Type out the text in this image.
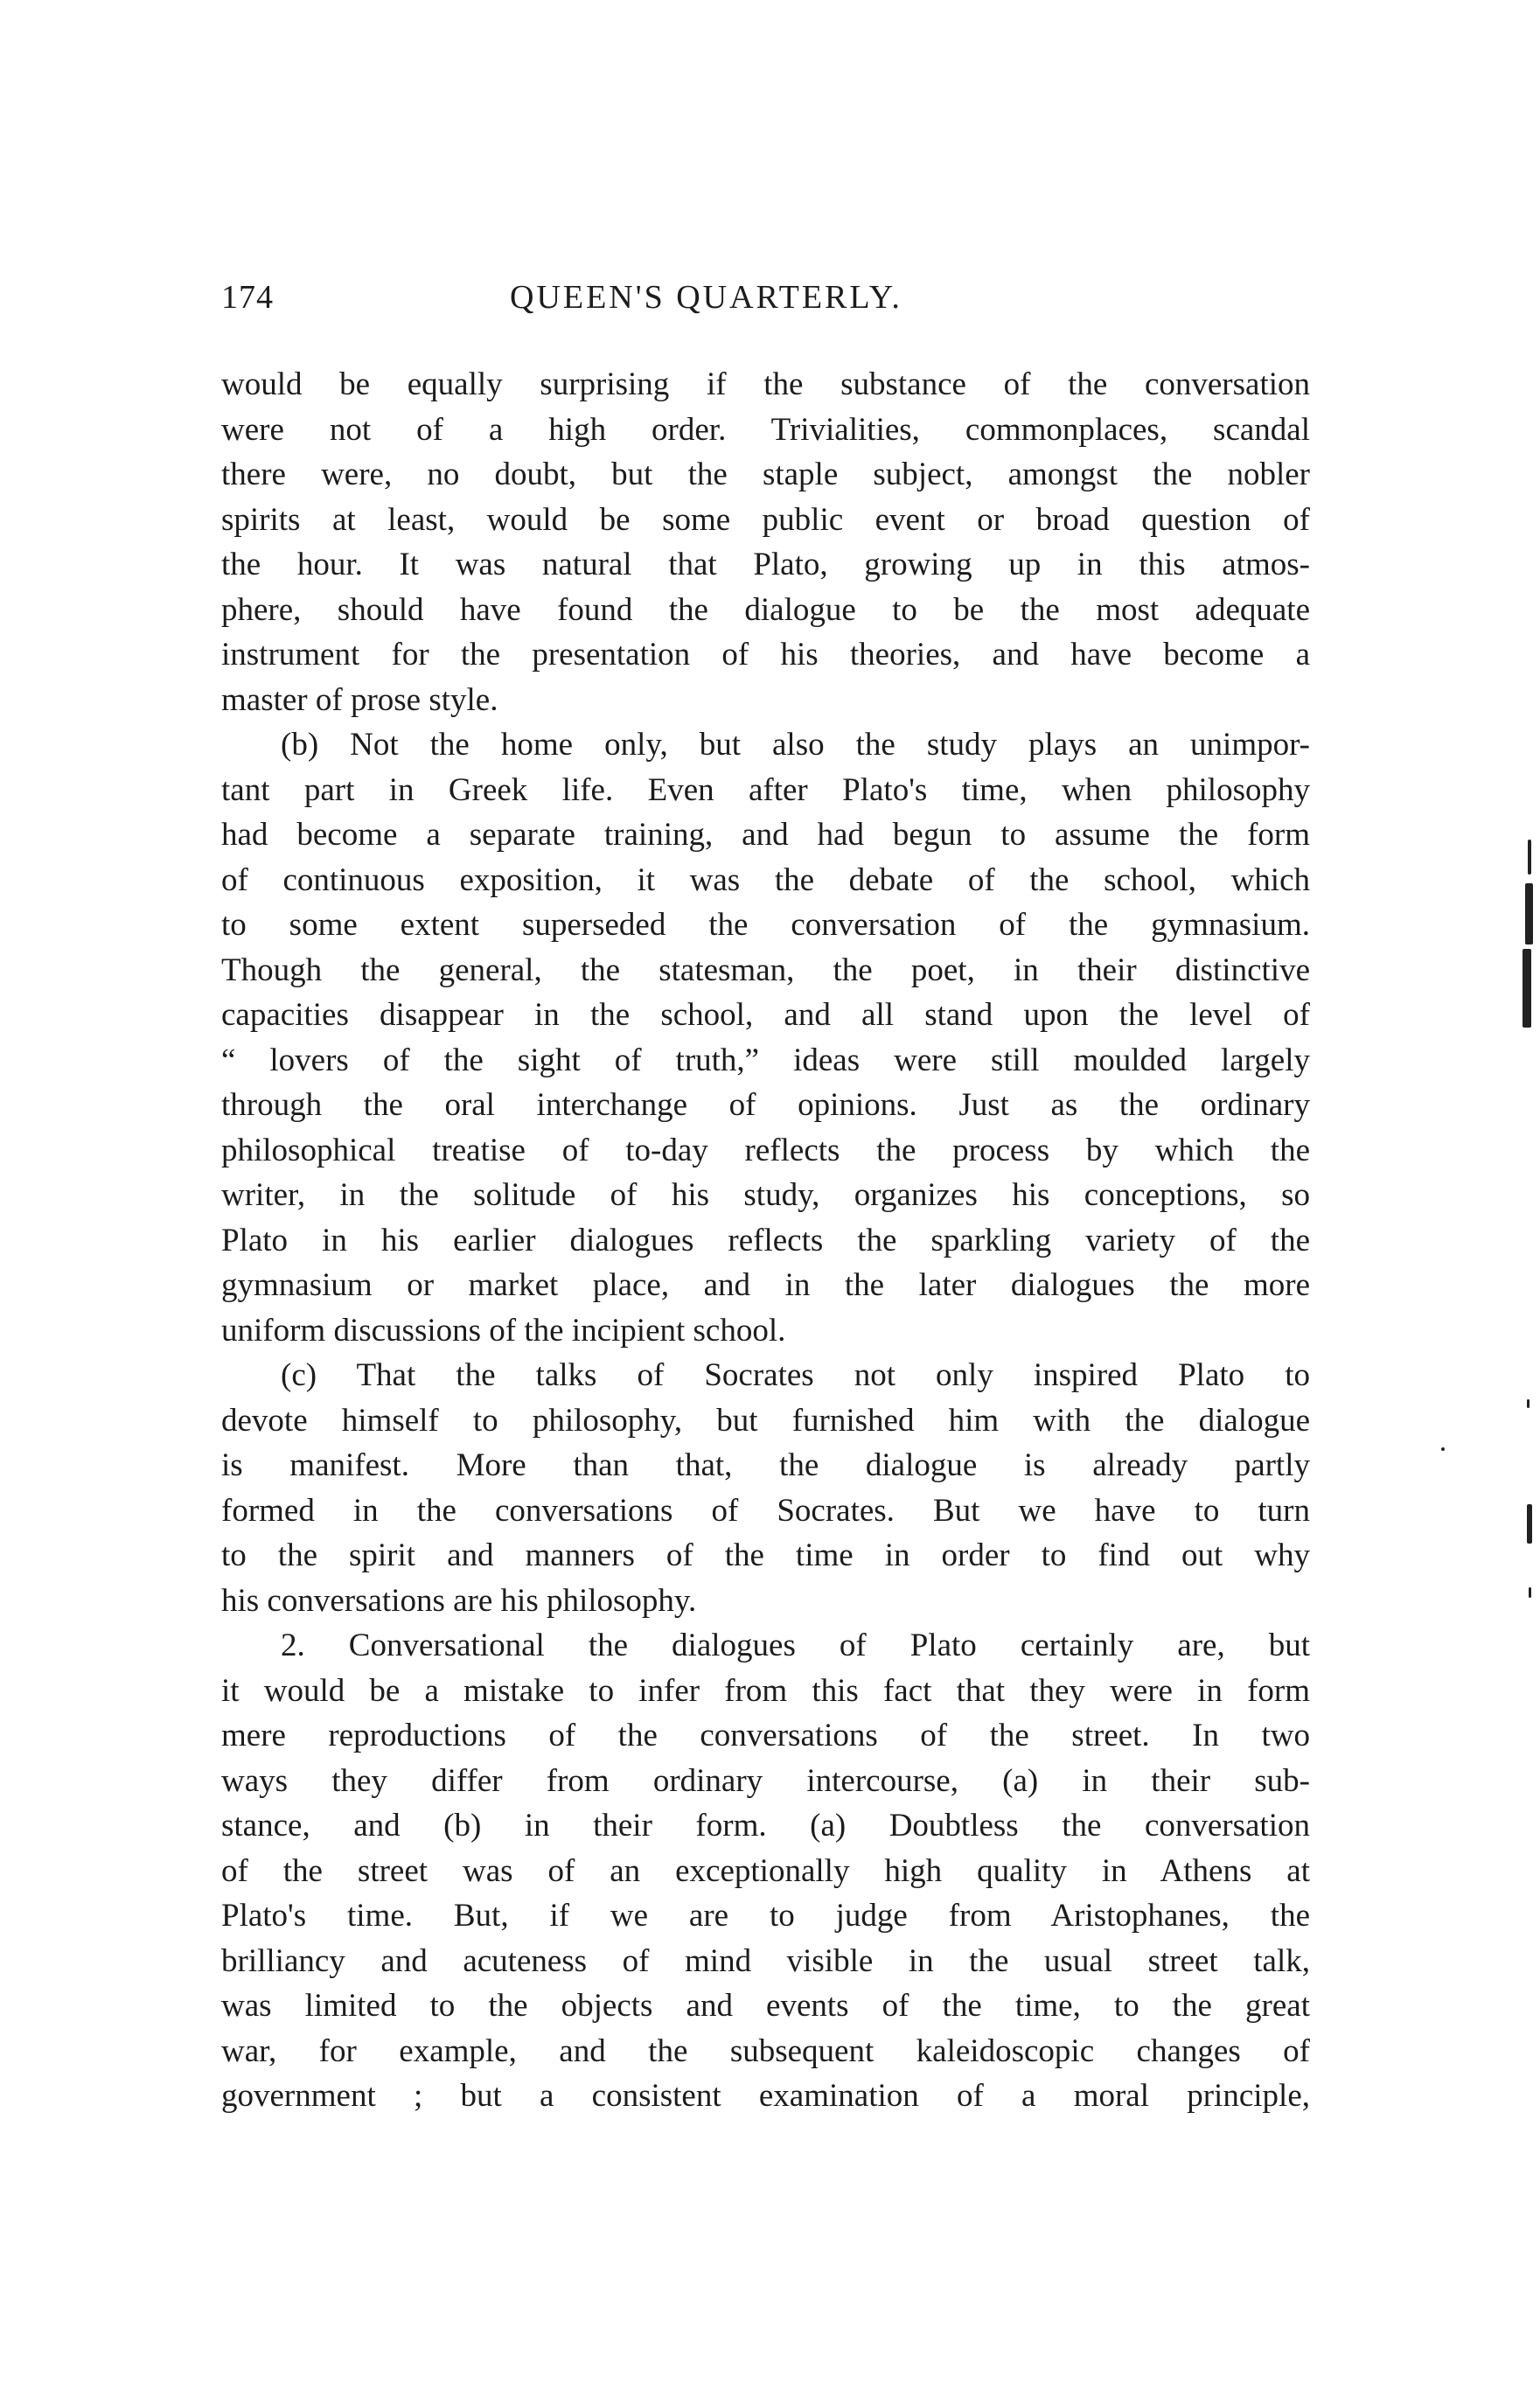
174	QUEEN'S QUARTERLY.
would be equally surprising if the substance of the conversation
were not of a high order. Trivialities, commonplaces, scandal
there were, no doubt, but the staple subject, amongst the nobler
spirits at least, would be some public event or broad question of
the hour. It was natural that Plato, growing up in this atmos-
phere, should have found the dialogue to be the most adequate
instrument for the presentation of his theories, and have become a
master of prose style.
(b) Not the home only, but also the study plays an unimpor-
tant part in Greek life. Even after Plato's time, when philosophy
had become a separate training, and had begun to assume the form
of continuous exposition, it was the debate of the school, which
to some extent superseded the conversation of the gymnasium.
Though the general, the statesman, the poet, in their distinctive
capacities disappear in the school, and all stand upon the level of
“ lovers of the sight of truth,” ideas were still moulded largely
through the oral interchange of opinions. Just as the ordinary
philosophical treatise of to-day reflects the process by which the
writer, in the solitude of his study, organizes his conceptions, so
Plato in his earlier dialogues reflects the sparkling variety of the
gymnasium or market place, and in the later dialogues the more
uniform discussions of the incipient school.
(c) That the talks of Socrates not only inspired Plato to
devote himself to philosophy, but furnished him with the dialogue
is manifest. More than that, the dialogue is already partly
formed in the conversations of Socrates. But we have to turn
to the spirit and manners of the time in order to find out why
his conversations are his philosophy.
2. Conversational the dialogues of Plato certainly are, but
it would be a mistake to infer from this fact that they were in form
mere reproductions of the conversations of the street. In two
ways they differ from ordinary intercourse, (a) in their sub-
stance, and (b) in their form. (a) Doubtless the conversation
of the street was of an exceptionally high quality in Athens at
Plato's time. But, if we are to judge from Aristophanes, the
brilliancy and acuteness of mind visible in the usual street talk,
was limited to the objects and events of the time, to the great
war, for example, and the subsequent kaleidoscopic changes of
government ; but a consistent examination of a moral principle,
